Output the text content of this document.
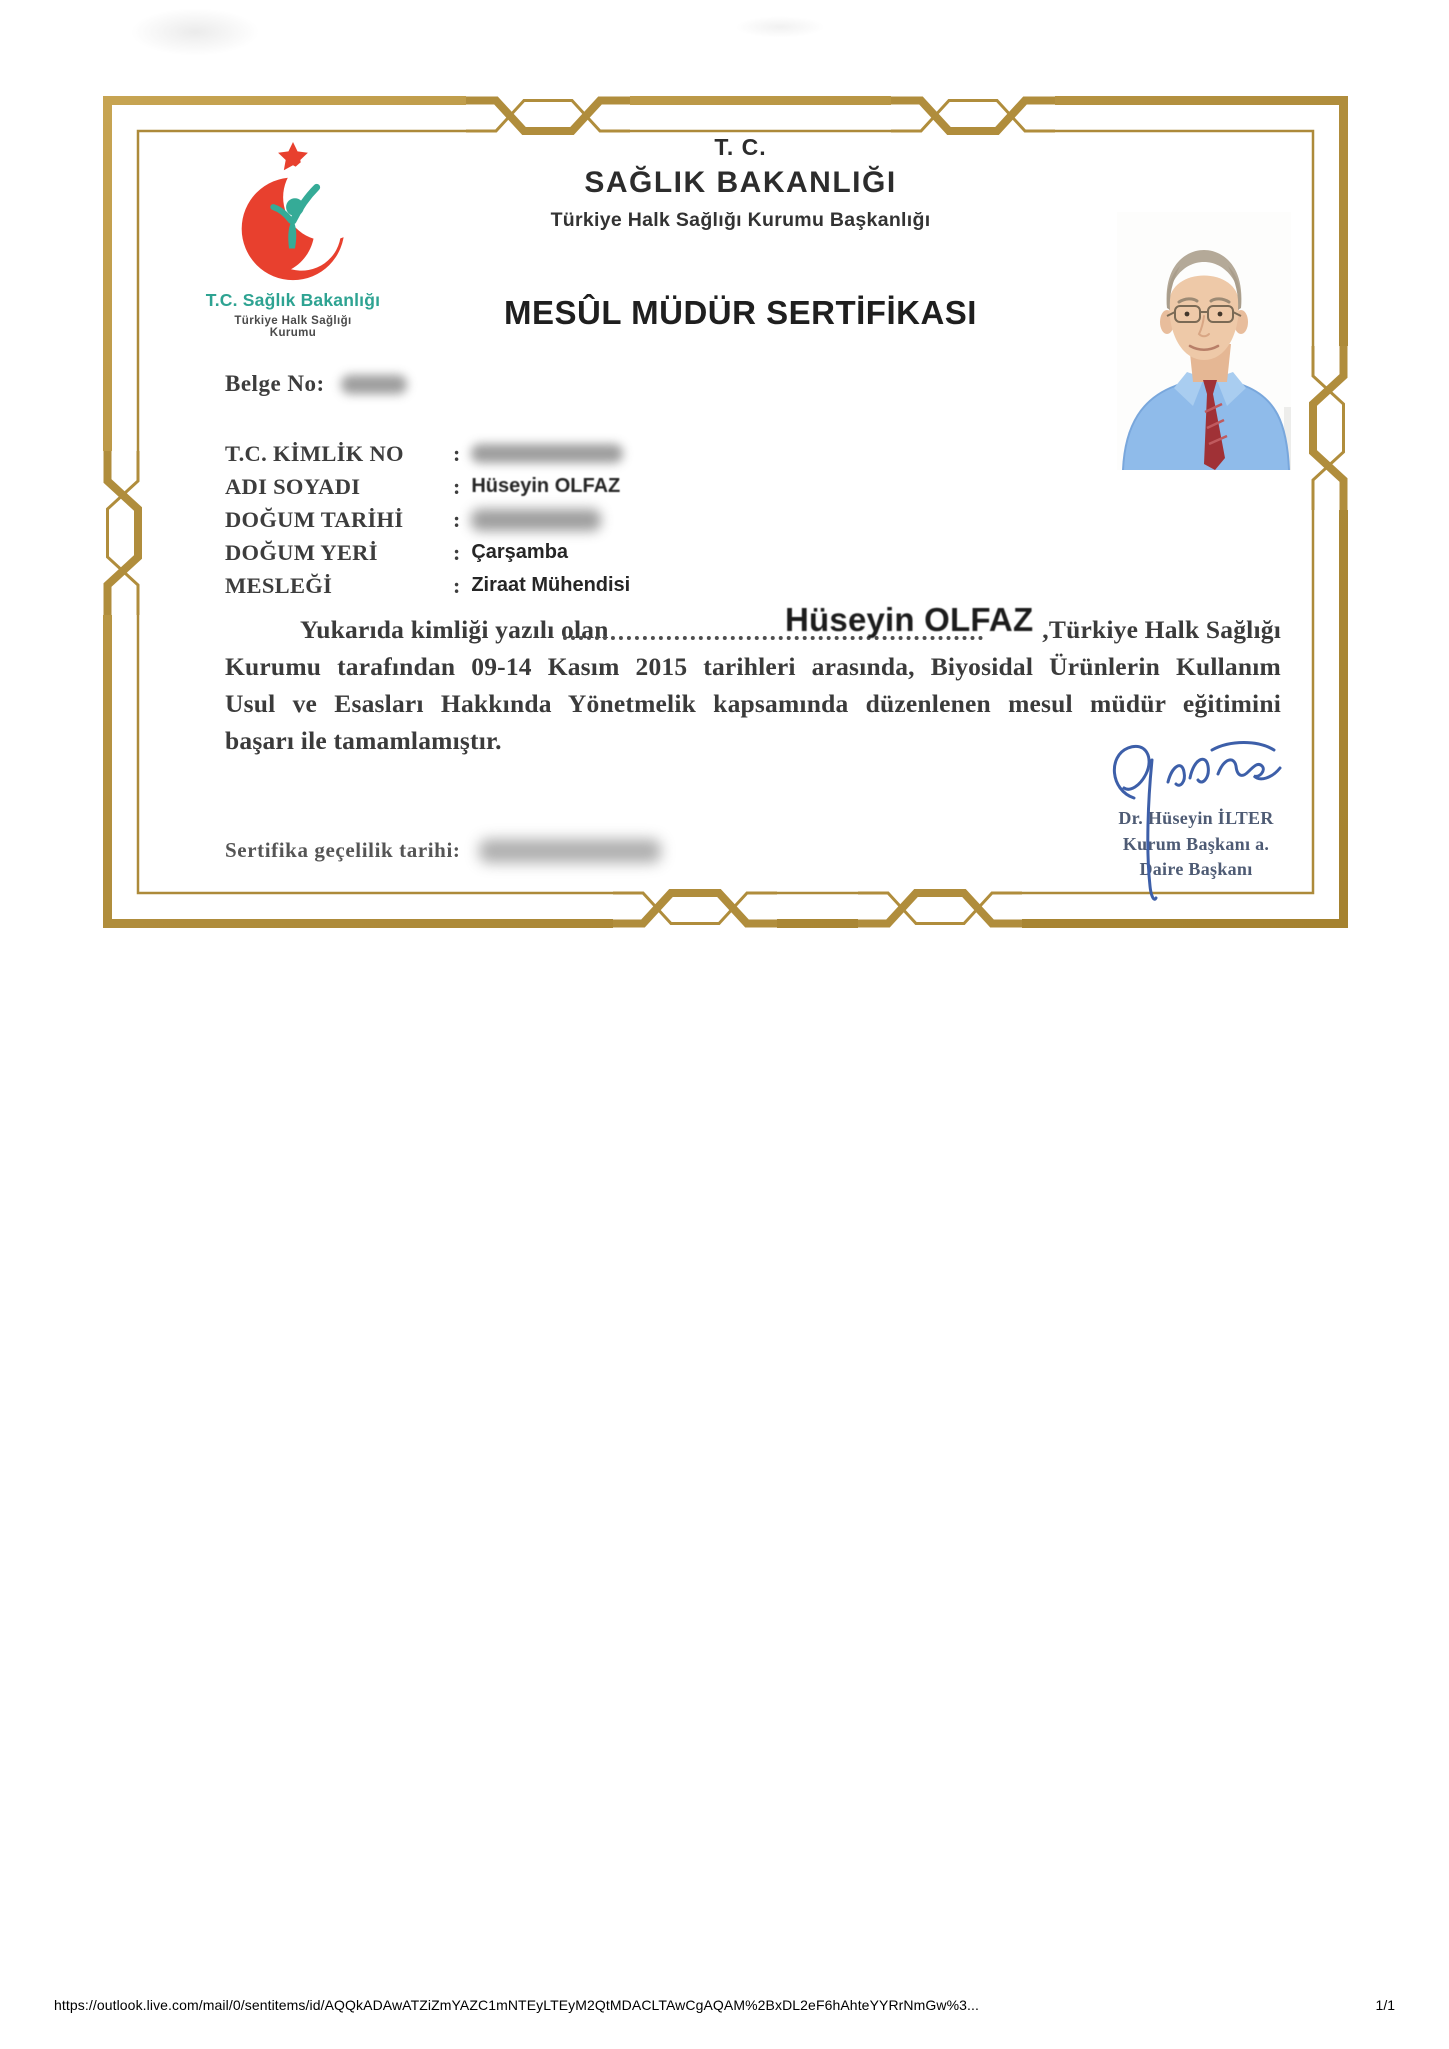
T.C. Sağlık Bakanlığı
Türkiye Halk Sağlığı
Kurumu
T. C.
SAĞLIK BAKANLIĞI
Türkiye Halk Sağlığı Kurumu Başkanlığı
MESÛL MÜDÜR SERTİFİKASI
Belge No:
T.C. KİMLİK NO	:
ADI SOYADI	: Hüseyin OLFAZ
DOĞUM TARİHİ	:
DOĞUM YERİ	: Çarşamba
MESLEĞİ	: Ziraat Mühendisi
Yukarıda kimliği yazılı olan	Hüseyin OLFAZ ,Türkiye Halk Sağlığı
Kurumu tarafından 09-14 Kasım 2015 tarihleri arasında, Biyosidal Ürünlerin Kullanım
Usul ve Esasları Hakkında Yönetmelik kapsamında düzenlenen mesul müdür eğitimini
başarı ile tamamlamıştır.
Sertifika geçelilik tarihi:
Dr. Hüseyin İLTER
Kurum Başkanı a.
Daire Başkanı
https://outlook.live.com/mail/0/sentitems/id/AQQkADAwATZiZmYAZC1mNTEyLTEyM2QtMDACLTAwCgAQAM%2BxDL2eF6hAhteYYRrNmGw%3...	1/1
